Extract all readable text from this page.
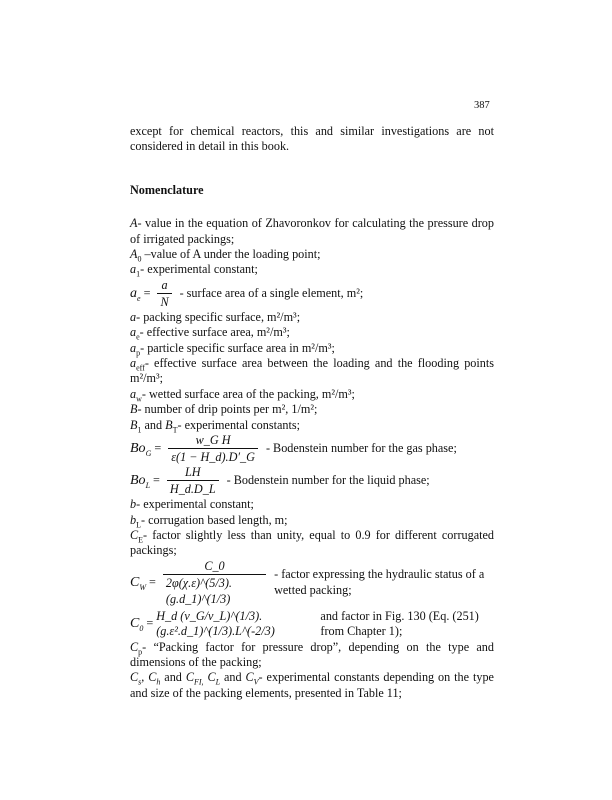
387

except for chemical reactors, this and similar investigations are not considered in detail in this book.

Nomenclature

A- value in the equation of Zhavoronkov for calculating the pressure drop of irrigated packings;

$A_0$ –value of A under the loading point;

$a_1-$ experimental constant;

$a_e = \frac{a}{N}$ - surface area of a single element, m²;

a- packing specific surface, m²/m³;

$a_e-$ effective surface area, m²/m³;

$a_p-$ particle specific surface area in m²/m³;

$a_{eff}-$ effective surface area between the loading and the flooding points m²/m³;

$a_w-$ wetted surface area of the packing, m²/m³;

B- number of drip points per m², 1/m²;

$B_1$ and $B_T-$ experimental constants;

$Bo_G = \frac{\text{w\_G H}}{\varepsilon(1 - H\_d).D'\_G}$ - Bodenstein number for the gas phase;
$Bo_L = \frac{LH}{H\_d.D\_L}$ - Bodenstein number for the liquid phase;

b- experimental constant;

$b_L-$ corrugation based length, m;

$C_E-$ factor slightly less than unity, equal to 0.9 for different corrugated packings;

$C_W = \frac{C\_0}{2\varphi(\chi.\varepsilon)\^{}(5/3).(g.d\_1)\^{}(1/3)}$ - factor expressing the hydraulic status of a wetted packing;
$C_0$ =
H_d (ν_G/ν_L)^(1/3).(g.ε².d_1)^(1/3).L^(-2/3)
and factor in Fig. 130 (Eq. (251) from Chapter 1);

$C_p-$ “Packing factor for pressure drop”, depending on the type and dimensions of the packing;

$C_s$, $C_h$ and $C_{FI,}$ $C_L$ and $C_V-$ experimental constants depending on the type and size of the packing elements, presented in Table 11;
